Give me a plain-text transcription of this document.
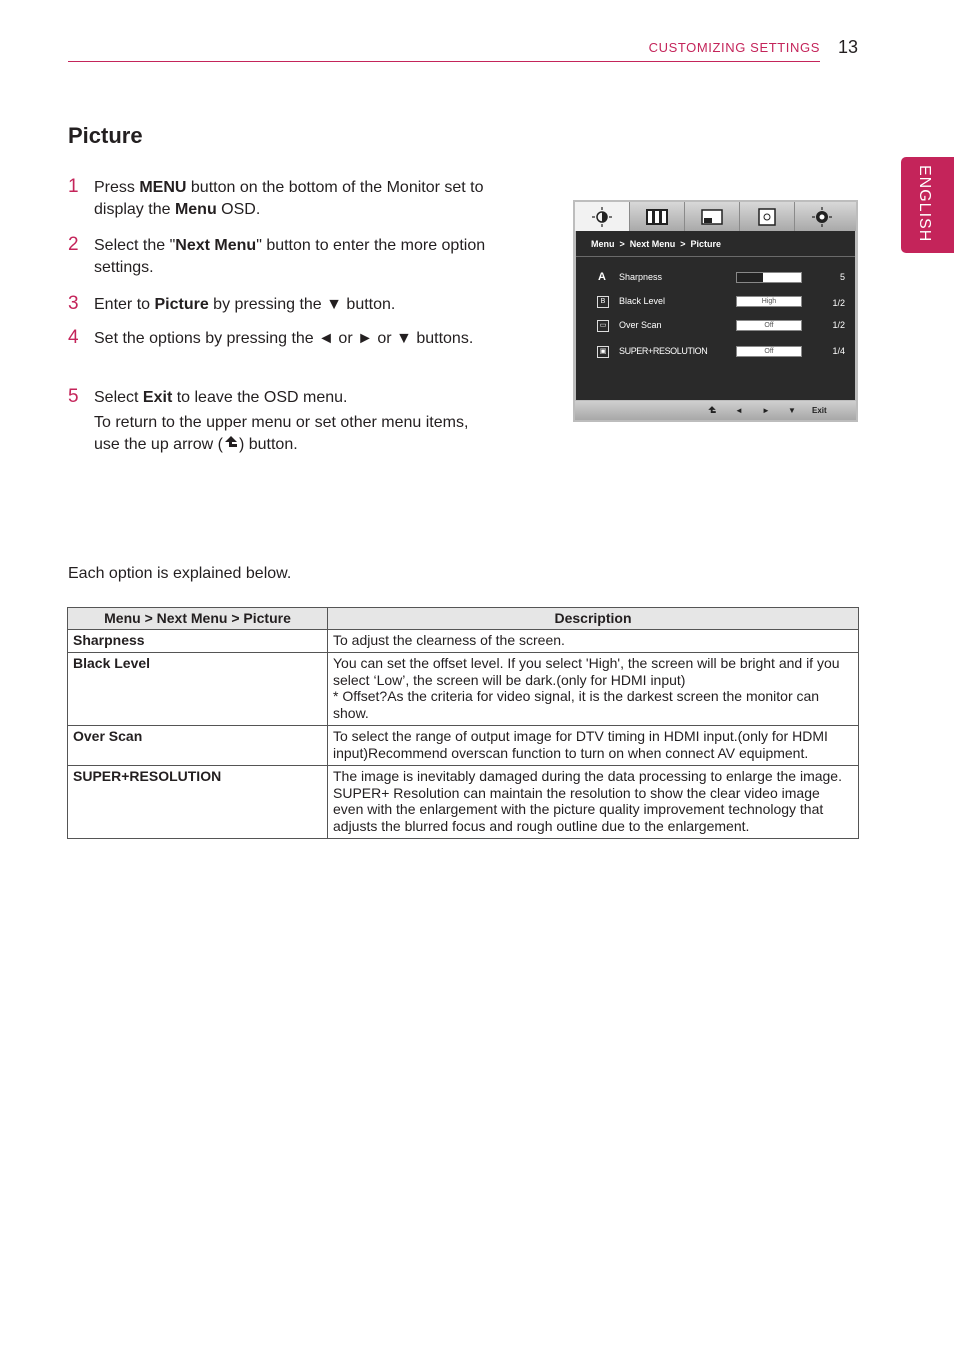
CUSTOMIZING SETTINGS 13
ENGLISH
Picture
1 Press MENU button on the bottom of the Monitor set to display the Menu OSD.
2 Select the "Next Menu" button to enter the more option settings.
3 Enter to Picture by pressing the ▼ button.
4 Set the options by pressing the ◄ or ► or ▼ buttons.
5 Select Exit to leave the OSD menu.
To return to the upper menu or set other menu items, use the up arrow ( ) button.
Menu > Next Menu > Picture
A Sharpness	5
B	Black Level	High	1/2
▭ Over Scan	Off	1/2
▣ SUPER+RESOLUTION	Off	1/4
◄ ► ▼ Exit
Each option is explained below.
Menu > Next Menu > Picture	Description
Sharpness	To adjust the clearness of the screen.
Black Level	You can set the offset level. If you select 'High', the screen will be bright and if you select ‘Low’, the screen will be dark.(only for HDMI input)
* Offset?As the criteria for video signal, it is the darkest screen the monitor can show.
Over Scan	To select the range of output image for DTV timing in HDMI input.(only for HDMI input)Recommend overscan function to turn on when connect AV equipment.
SUPER+RESOLUTION	The image is inevitably damaged during the data processing to enlarge the image. SUPER+ Resolution can maintain the resolution to show the clear video image even with the enlargement with the picture quality improvement technology that adjusts the blurred focus and rough outline due to the enlargement.
